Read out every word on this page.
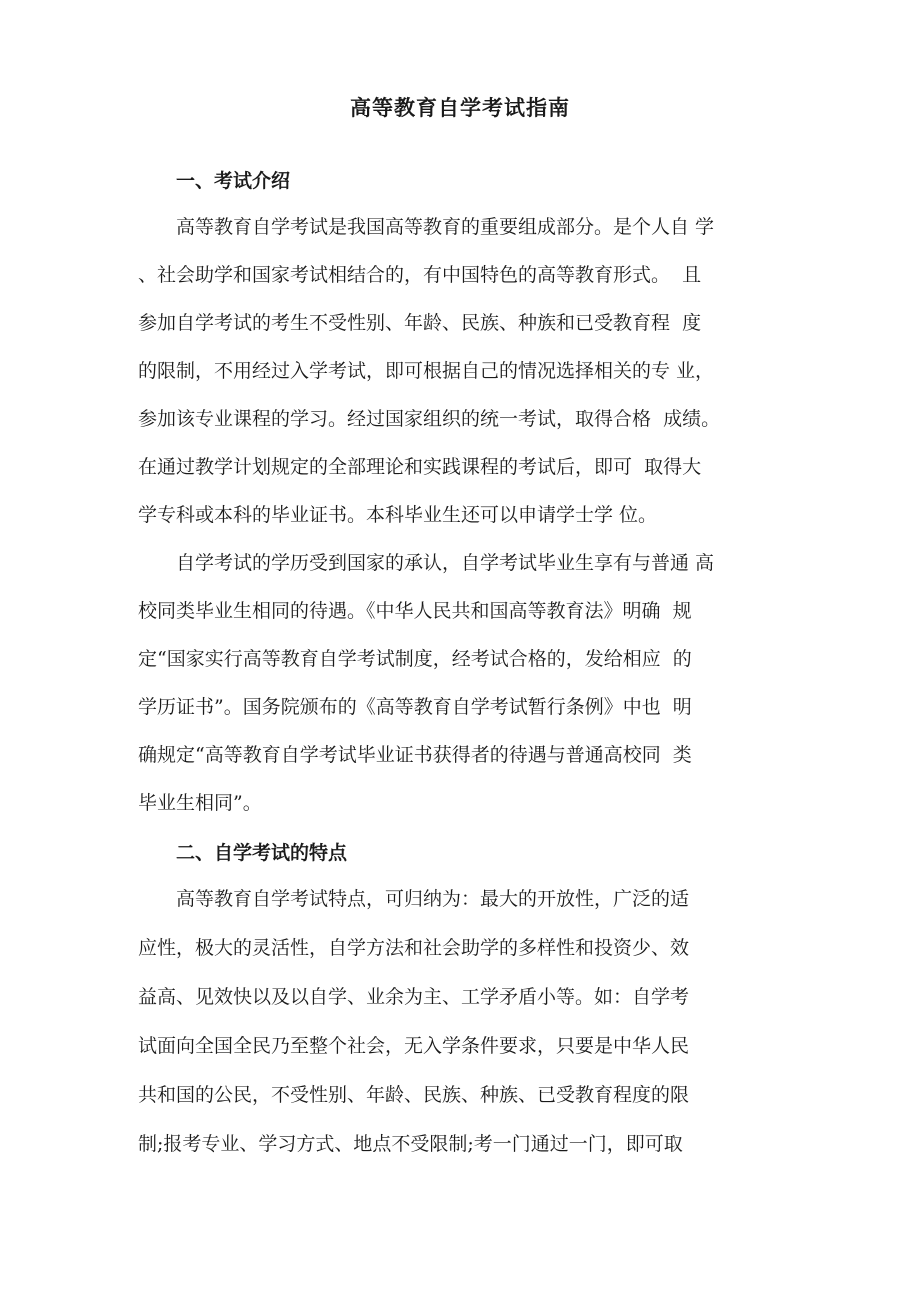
高等教育自学考试指南
一、考试介绍
高等教育自学考试是我国高等教育的重要组成部分。是个人自 学
、社会助学和国家考试相结合的，有中国特色的高等教育形式。  且
参加自学考试的考生不受性别、年龄、民族、种族和已受教育程  度
的限制，不用经过入学考试，即可根据自己的情况选择相关的专 业，
参加该专业课程的学习。经过国家组织的统一考试，取得合格  成绩。
在通过教学计划规定的全部理论和实践课程的考试后，即可  取得大
学专科或本科的毕业证书。本科毕业生还可以申请学士学 位。
自学考试的学历受到国家的承认，自学考试毕业生享有与普通 高
校同类毕业生相同的待遇。《中华人民共和国高等教育法》明确  规
定“国家实行高等教育自学考试制度，经考试合格的，发给相应  的
学历证书”。国务院颁布的《高等教育自学考试暂行条例》中也  明
确规定“高等教育自学考试毕业证书获得者的待遇与普通高校同  类
毕业生相同”。
二、自学考试的特点
高等教育自学考试特点，可归纳为：最大的开放性，广泛的适
应性，极大的灵活性，自学方法和社会助学的多样性和投资少、效
益高、见效快以及以自学、业余为主、工学矛盾小等。如：自学考
试面向全国全民乃至整个社会，无入学条件要求，只要是中华人民
共和国的公民，不受性别、年龄、民族、种族、已受教育程度的限
制;报考专业、学习方式、地点不受限制;考一门通过一门，即可取
